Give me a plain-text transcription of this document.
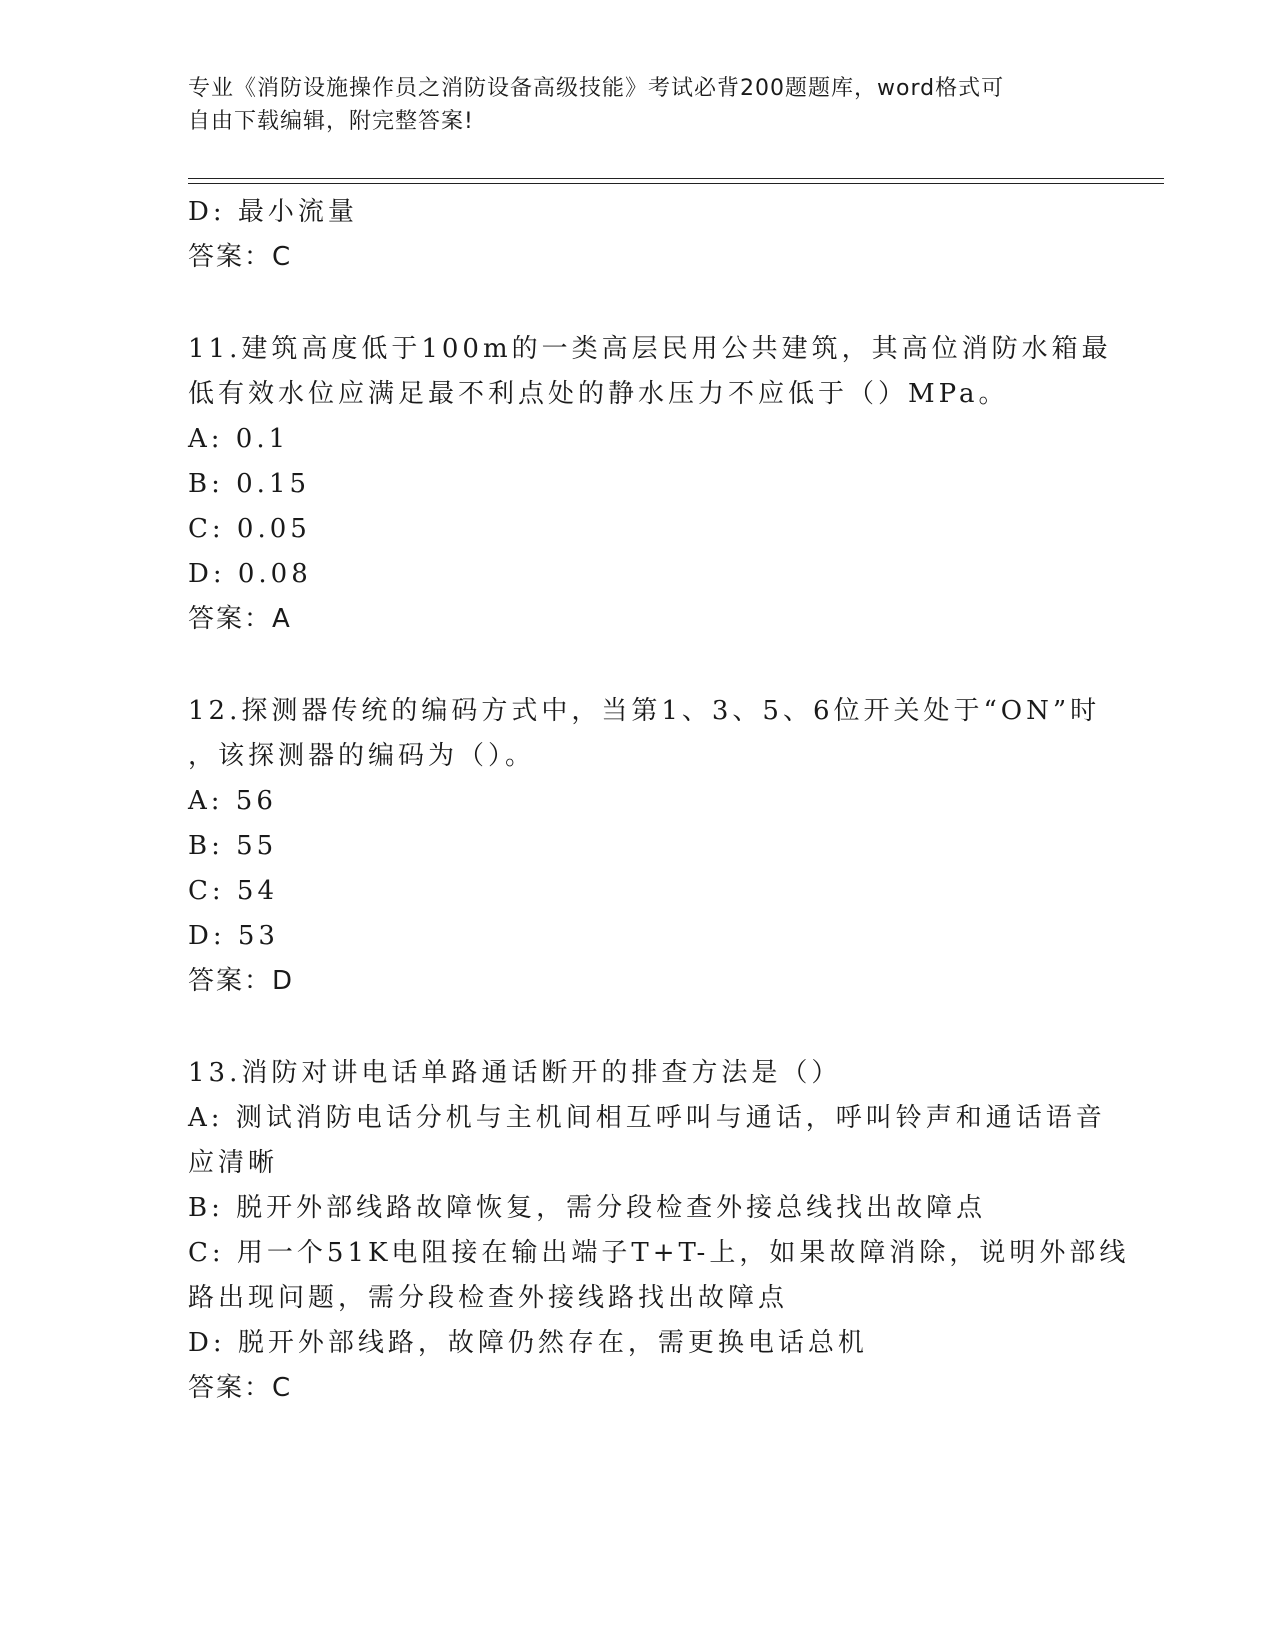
专业《消防设施操作员之消防设备高级技能》考试必背200题题库，word格式可
自由下载编辑，附完整答案!
D: 最小流量
答案：C
11.建筑高度低于100m的一类高层民用公共建筑，其高位消防水箱最
低有效水位应满足最不利点处的静水压力不应低于（）MPa。
A: 0.1
B: 0.15
C: 0.05
D: 0.08
答案：A
12.探测器传统的编码方式中，当第1、3、5、6位开关处于“ON”时
，该探测器的编码为（）。
A: 56
B: 55
C: 54
D: 53
答案：D
13.消防对讲电话单路通话断开的排查方法是（）
A: 测试消防电话分机与主机间相互呼叫与通话，呼叫铃声和通话语音
应清晰
B: 脱开外部线路故障恢复，需分段检查外接总线找出故障点
C: 用一个51K电阻接在输出端子T+T-上，如果故障消除，说明外部线
路出现问题，需分段检查外接线路找出故障点
D: 脱开外部线路，故障仍然存在，需更换电话总机
答案：C
